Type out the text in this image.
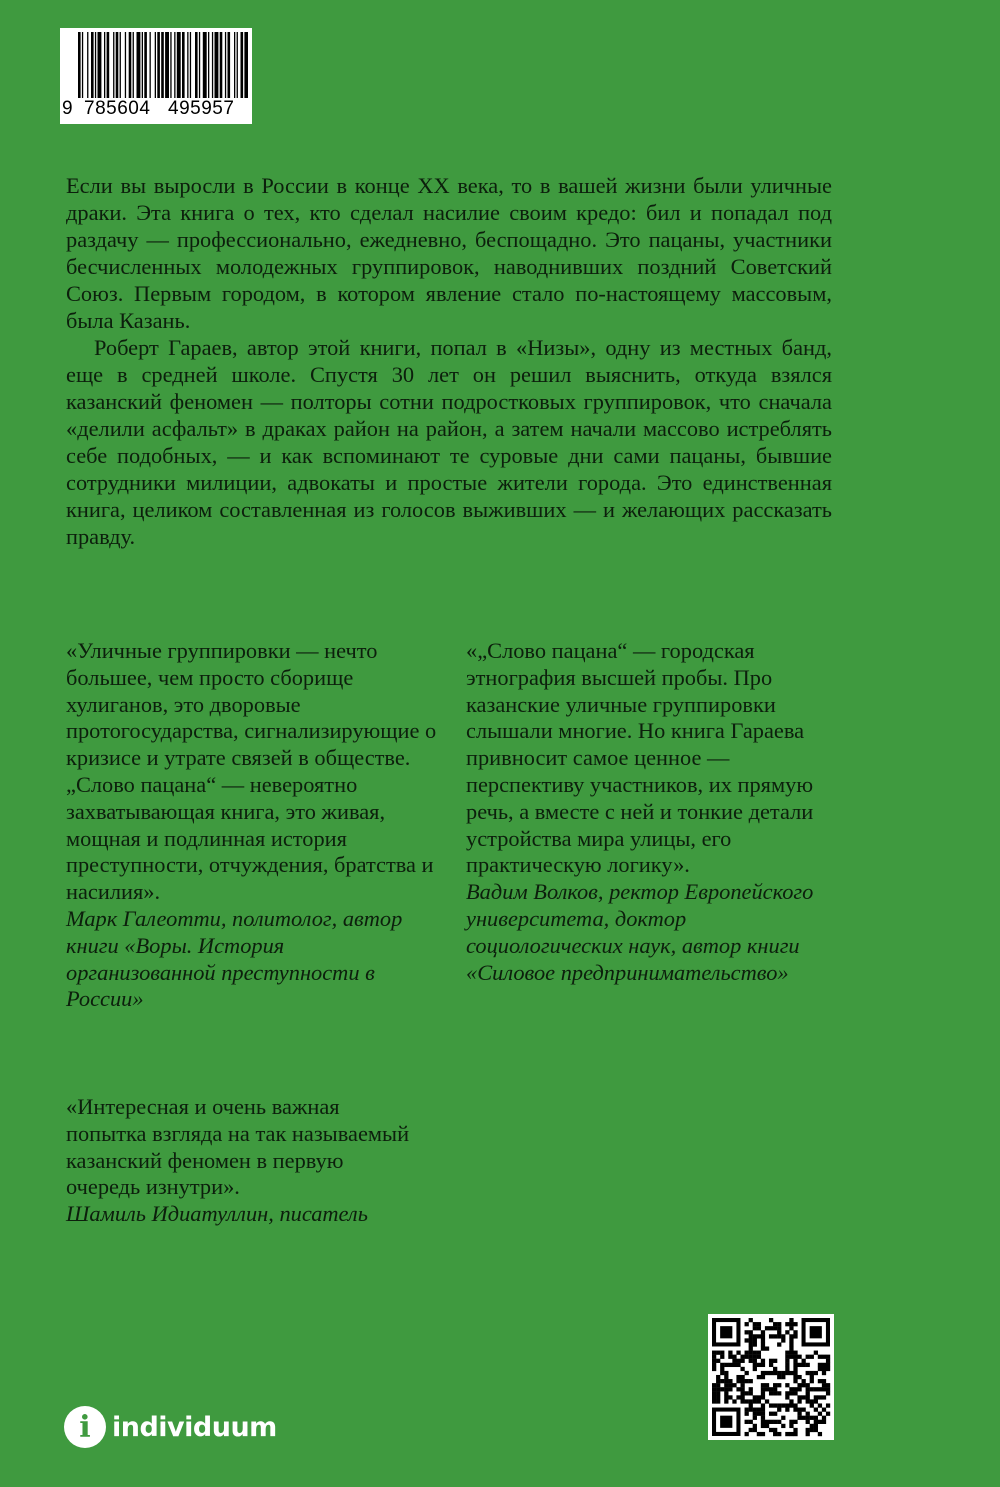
9 785604 495957

Если вы выросли в России в конце XX века, то в вашей жизни были уличные драки. Эта книга о тех, кто сделал насилие своим кредо: бил и попадал под раздачу — профессионально, ежедневно, беспощадно. Это пацаны, участники бесчисленных молодежных группировок, наводнивших поздний Советский Союз. Первым городом, в котором явление стало по-настоящему массовым, была Казань.

Роберт Гараев, автор этой книги, попал в «Низы», одну из местных банд, еще в средней школе. Спустя 30 лет он решил выяснить, откуда взялся казанский феномен — полторы сотни подростковых группировок, что сначала «делили асфальт» в драках район на район, а затем начали массово истреблять себе подобных, — и как вспоминают те суровые дни сами пацаны, бывшие сотрудники милиции, адвокаты и простые жители города. Это единственная книга, целиком составленная из голосов выживших — и желающих рассказать правду.

«Уличные группировки — нечто большее, чем просто сборище хулиганов, это дворовые протогосударства, сигнализирующие о кризисе и утрате связей в обществе. „Слово пацана“ — невероятно захватывающая книга, это живая, мощная и подлинная история преступности, отчуждения, братства и насилия».
Марк Галеотти, политолог, автор книги «Воры. История организованной преступности в России»
«„Слово пацана“ — городская этнография высшей пробы. Про казанские уличные группировки слышали многие. Но книга Гараева привносит самое ценное — перспективу участников, их прямую речь, а вместе с ней и тонкие детали устройства мира улицы, его практическую логику».
Вадим Волков, ректор Европейского университета, доктор социологических наук, автор книги «Силовое предпринимательство»
«Интересная и очень важная попытка взгляда на так называемый казанский феномен в первую очередь изнутри».
Шамиль Идиатуллин, писатель
i individuum
